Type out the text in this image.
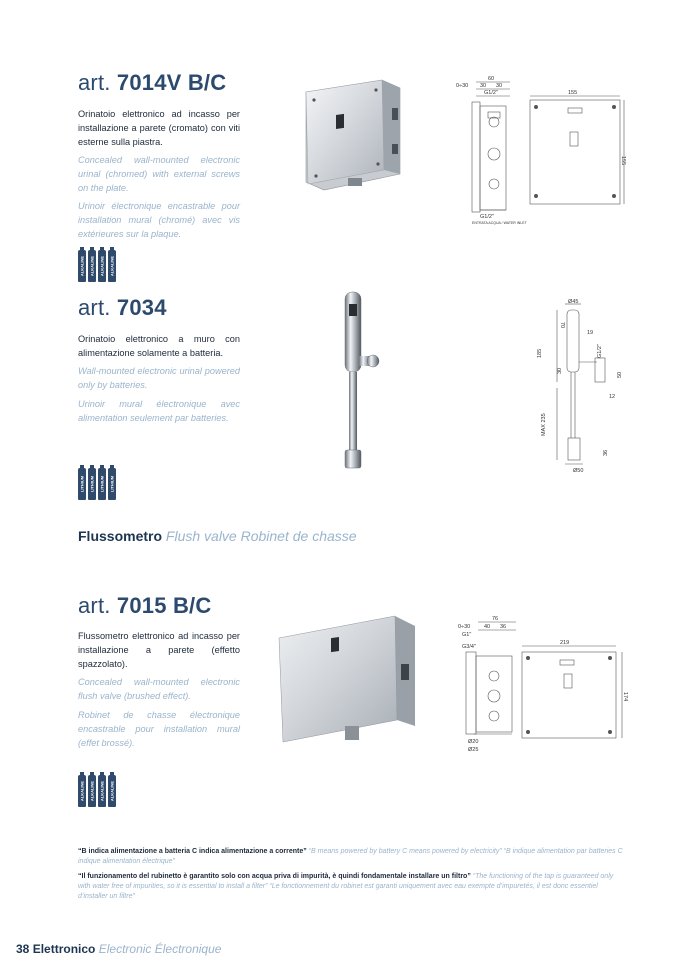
art. 7014V B/C
Orinatoio elettronico ad incasso per installazione a parete (cromato) con viti esterne sulla piastra.
Concealed wall-mounted electronic urinal (chromed) with external screws on the plate.
Urinoir électronique encastrable pour installation mural (chromé) avec vis extérieures sur la plaque.
ALKALINE ALKALINE ALKALINE ALKALINE
60
0÷30 30 30
G1/2"	155
155
G1/2"
ENTRATA ACQUA / WATER INLET
art. 7034
Orinatoio elettronico a muro con alimentazione solamente a batteria.
Wall-mounted electronic urinal powered only by batteries.
Urinoir mural électronique avec alimentation seulement par batteries.
LITHIUM LITHIUM LITHIUM LITHIUM
Ø45
70
19
185	G1/2"
50
30
12
MAX 235
36
Ø50
Flussometro Flush valve Robinet de chasse
art. 7015 B/C
Flussometro elettronico ad incasso per installazione a parete (effetto spazzolato).
Concealed wall-mounted electronic flush valve (brushed effect).
Robinet de chasse électronique encastrable pour installation mural (effet brossé).
ALKALINE ALKALINE ALKALINE ALKALINE
76
0÷30	40 36
G1"
G3/4"
219
174
Ø20
Ø25
“B indica alimentazione a batteria C indica alimentazione a corrente” “B means powered by battery C means powered by electricity” “B indique alimentation par batteries C indique alimentation électrique”
“Il funzionamento del rubinetto è garantito solo con acqua priva di impurità, è quindi fondamentale installare un filtro” “The functioning of the tap is guaranteed only with water free of impurities, so it is essential to install a filter” “Le fonctionnement du robinet est garanti uniquement avec eau exempte d’impuretés, il est donc essentiel d’installer un filtre”
38 Elettronico Electronic Électronique
